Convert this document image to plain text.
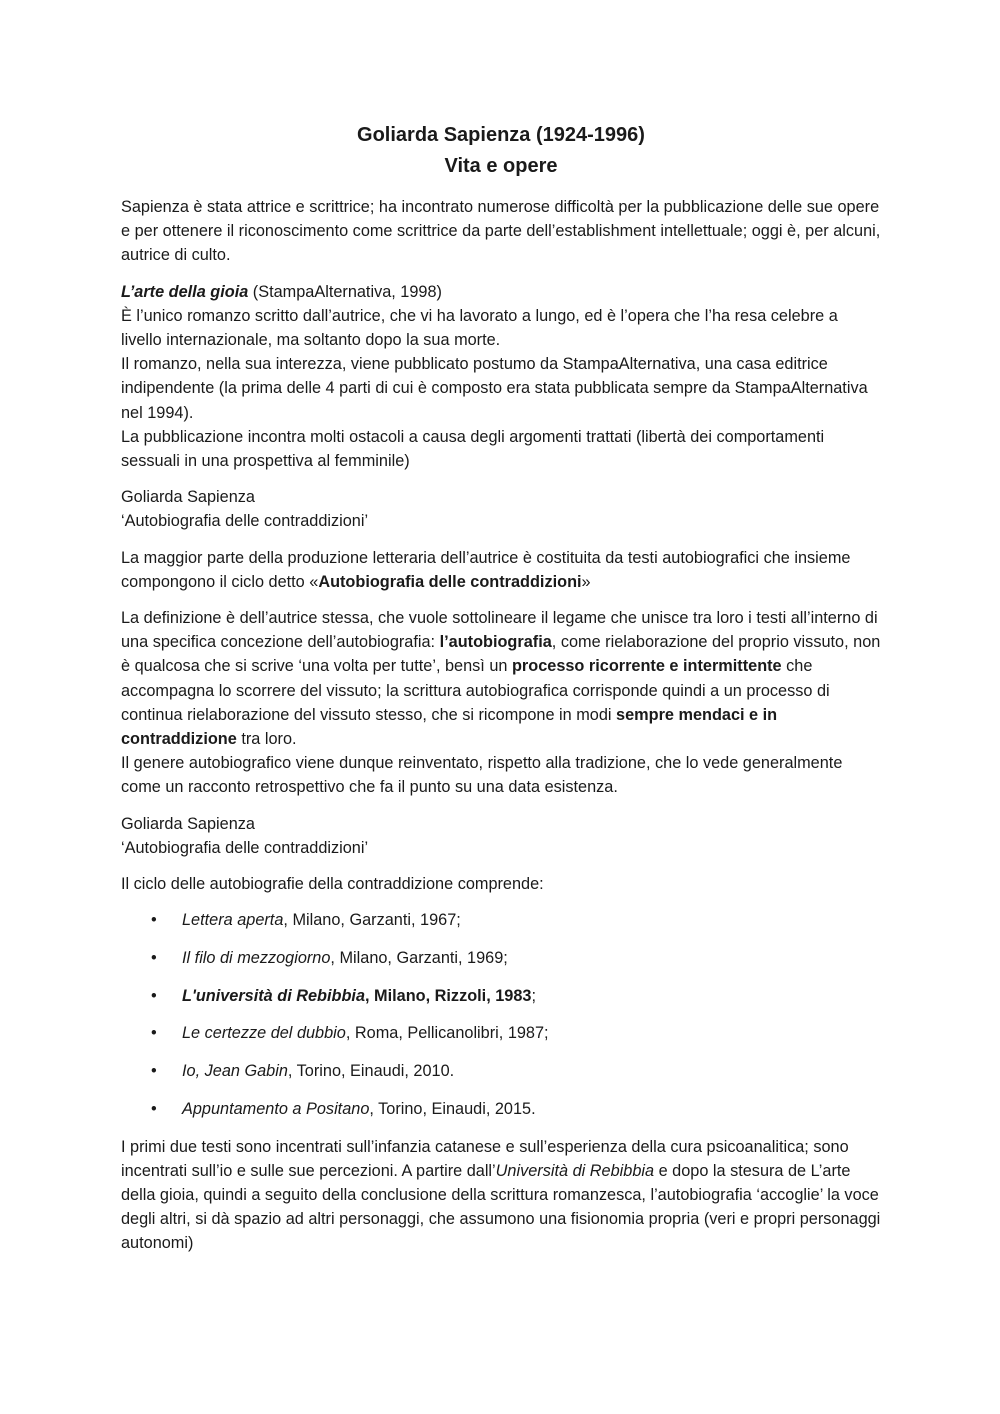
Goliarda Sapienza (1924-1996)
Vita e opere

Sapienza è stata attrice e scrittrice; ha incontrato numerose difficoltà per la pubblicazione delle sue opere e per ottenere il riconoscimento come scrittrice da parte dell’establishment intellettuale; oggi è, per alcuni, autrice di culto.

L’arte della gioia (StampaAlternativa, 1998)
È l’unico romanzo scritto dall’autrice, che vi ha lavorato a lungo, ed è l’opera che l’ha resa celebre a livello internazionale, ma soltanto dopo la sua morte.
Il romanzo, nella sua interezza, viene pubblicato postumo da StampaAlternativa, una casa editrice indipendente (la prima delle 4 parti di cui è composto era stata pubblicata sempre da StampaAlternativa nel 1994).
La pubblicazione incontra molti ostacoli a causa degli argomenti trattati (libertà dei comportamenti sessuali in una prospettiva al femminile)

Goliarda Sapienza
‘Autobiografia delle contraddizioni’

La maggior parte della produzione letteraria dell’autrice è costituita da testi autobiografici che insieme compongono il ciclo detto «Autobiografia delle contraddizioni»

La definizione è dell’autrice stessa, che vuole sottolineare il legame che unisce tra loro i testi all’interno di una specifica concezione dell’autobiografia: l’autobiografia, come rielaborazione del proprio vissuto, non è qualcosa che si scrive ‘una volta per tutte’, bensì un processo ricorrente e intermittente che accompagna lo scorrere del vissuto; la scrittura autobiografica corrisponde quindi a un processo di continua rielaborazione del vissuto stesso, che si ricompone in modi sempre mendaci e in contraddizione tra loro.
Il genere autobiografico viene dunque reinventato, rispetto alla tradizione, che lo vede generalmente come un racconto retrospettivo che fa il punto su una data esistenza.

Goliarda Sapienza
‘Autobiografia delle contraddizioni’

Il ciclo delle autobiografie della contraddizione comprende:

• Lettera aperta, Milano, Garzanti, 1967;
• Il filo di mezzogiorno, Milano, Garzanti, 1969;
• L'università di Rebibbia, Milano, Rizzoli, 1983;
• Le certezze del dubbio, Roma, Pellicanolibri, 1987;
• Io, Jean Gabin, Torino, Einaudi, 2010.
• Appuntamento a Positano, Torino, Einaudi, 2015.

I primi due testi sono incentrati sull’infanzia catanese e sull’esperienza della cura psicoanalitica; sono incentrati sull’io e sulle sue percezioni. A partire dall’Università di Rebibbia e dopo la stesura de L’arte della gioia, quindi a seguito della conclusione della scrittura romanzesca, l’autobiografia ‘accoglie’ la voce degli altri, si dà spazio ad altri personaggi, che assumono una fisionomia propria (veri e propri personaggi autonomi)
